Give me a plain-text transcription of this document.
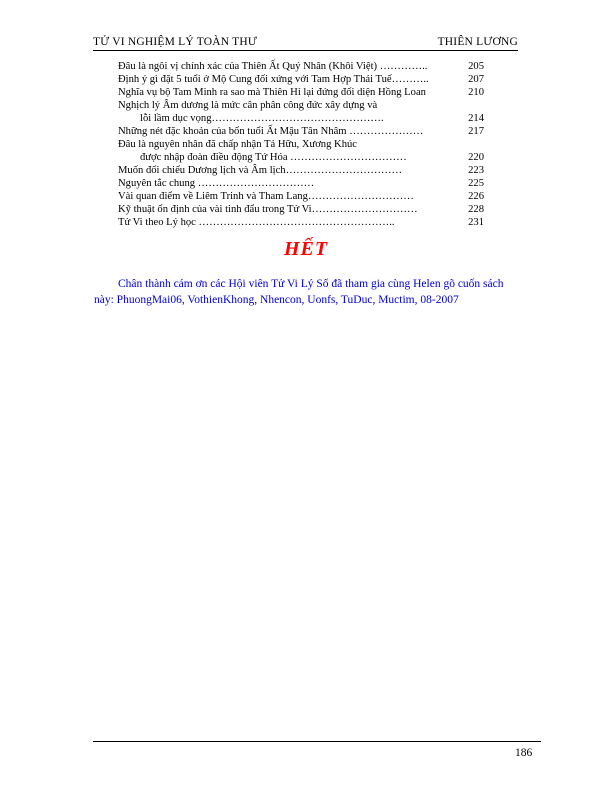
TỬ VI NGHIỆM LÝ TOÀN THƯ	THIÊN LƯƠNG
Đâu là ngôi vị chính xác của Thiên Ất Quý Nhân (Khôi Việt) …………..	205
Định ý gì đặt 5 tuổi ở Mộ Cung đối xứng với Tam Hợp Thái Tuế………..	207
Nghĩa vụ bộ Tam Minh ra sao mà Thiên Hỉ lại đứng đối diện Hồng Loan	210
Nghịch lý Âm dương là mức cân phân công đức xây dựng và
lỗi lầm dục vọng………………………………………….	214
Những nét đặc khoản của bốn tuổi Ất Mậu Tân Nhâm …………………	217
Đâu là nguyên nhân đã chấp nhận Tả Hữu, Xương Khúc
được nhập đoàn điều động Tứ Hóa ……………………………	220
Muốn đối chiếu Dương lịch và Âm lịch……………………………	223
Nguyên tắc chung ……………………………	225
Vài quan điểm về Liêm Trinh và Tham Lang…………………………	226
Kỹ thuật ổn định của vài tinh đẩu trong Tử Vi…………………………	228
Tử Vi theo Lý học ………………………………………………..	231
HẾT
Chân thành cám ơn các Hội viên Tử Vi Lý Số đã tham gia cùng Helen gõ cuốn sách
này: PhuongMai06, VothienKhong, Nhencon, Uonfs, TuDuc, Muctim, 08-2007
186
